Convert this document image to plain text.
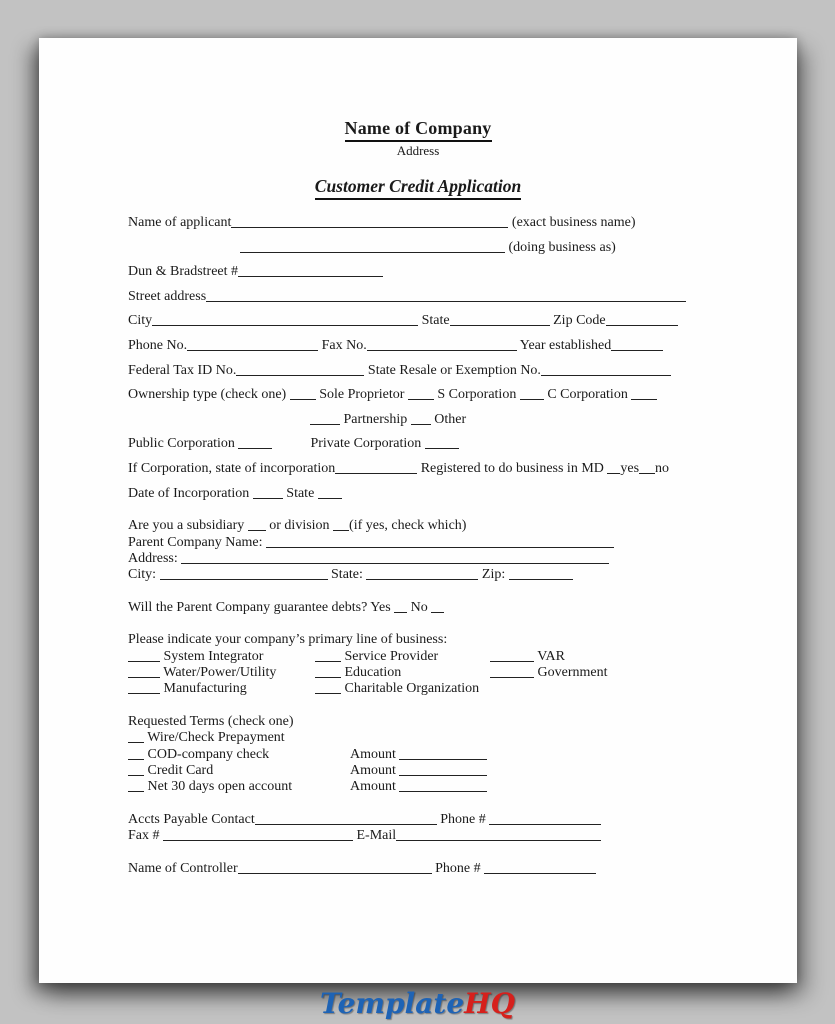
Name of Company
Address
Customer Credit Application
Name of applicant	(exact business name)
(doing business as)
Dun & Bradstreet #
Street address
City	State	Zip Code
Phone No.	Fax No.	Year established
Federal Tax ID No.	State Resale or Exemption No.
Ownership type (check one)  Sole Proprietor  S Corporation  C Corporation
Partnership  Other
Public Corporation	Private Corporation
If Corporation, state of incorporation	Registered to do business in MD yes no
Date of Incorporation  State
Are you a subsidiary  or division (if yes, check which)
Parent Company Name:
Address:
City:	State:	Zip:
Will the Parent Company guarantee debts? Yes  No
Please indicate your company’s primary line of business:
System Integrator	Service Provider	VAR
Water/Power/Utility	Education	Government
Manufacturing	Charitable Organization
Requested Terms (check one)
Wire/Check Prepayment
COD-company check	Amount
Credit Card	Amount
Net 30 days open account	Amount
Accts Payable Contact	Phone #
Fax #	E-Mail
Name of Controller	Phone #
TemplateHQ
